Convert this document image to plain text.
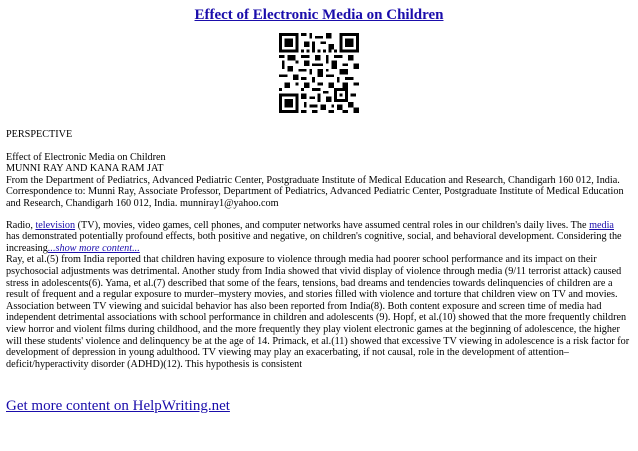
Effect of Electronic Media on Children

PERSPECTIVE

Effect of Electronic Media on Children

MUNNI RAY AND KANA RAM JAT

From the Department of Pediatrics, Advanced Pediatric Center, Postgraduate Institute of Medical Education and Research, Chandigarh 160 012, India. Correspondence to: Munni Ray, Associate Professor, Department of Pediatrics, Advanced Pediatric Center, Postgraduate Institute of Medical Education and Research, Chandigarh 160 012, India. munniray1@yahoo.com

Radio, television (TV), movies, video games, cell phones, and computer networks have assumed central roles in our children's daily lives. The media has demonstrated potentially profound effects, both positive and negative, on children's cognitive, social, and behavioral development. Considering the increasing...show more content...

Ray, et al.(5) from India reported that children having exposure to violence through media had poorer school performance and its impact on their psychosocial adjustments was detrimental. Another study from India showed that vivid display of violence through media (9/11 terrorist attack) caused stress in adolescents(6). Yama, et al.(7) described that some of the fears, tensions, bad dreams and tendencies towards delinquencies of children are a result of frequent and a regular exposure to murder–mystery movies, and stories filled with violence and torture that children view on TV and movies. Association between TV viewing and suicidal behavior has also been reported from India(8). Both content exposure and screen time of media had independent detrimental associations with school performance in children and adolescents (9). Hopf, et al.(10) showed that the more frequently children view horror and violent films during childhood, and the more frequently they play violent electronic games at the beginning of adolescence, the higher will these students' violence and delinquency be at the age of 14. Primack, et al.(11) showed that excessive TV viewing in adolescence is a risk factor for development of depression in young adulthood. TV viewing may play an exacerbating, if not causal, role in the development of attention–deficit/hyperactivity disorder (ADHD)(12). This hypothesis is consistent

Get more content on HelpWriting.net
